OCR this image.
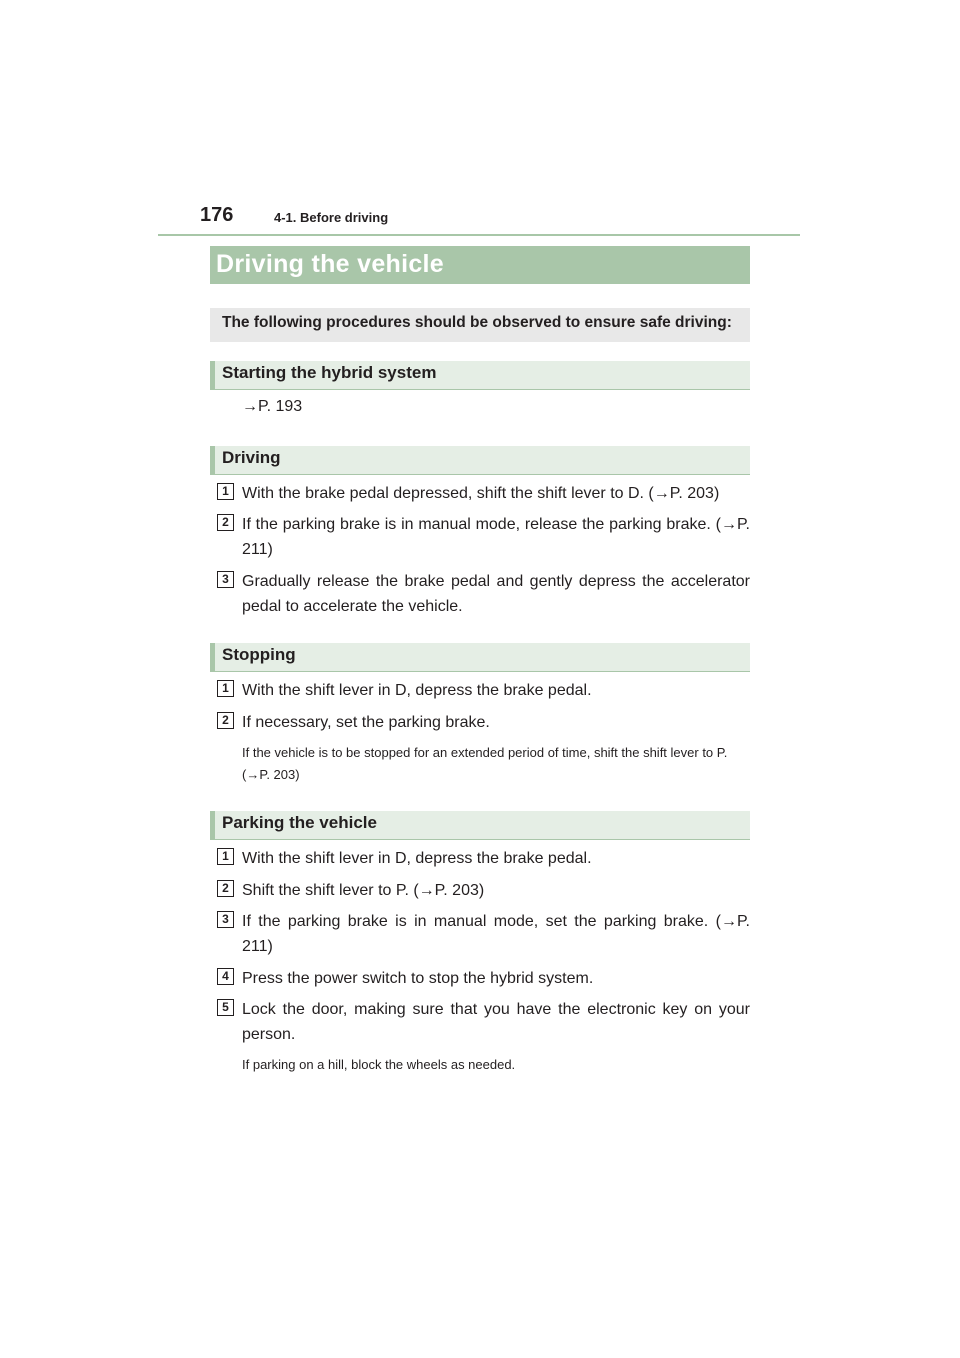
176	4-1. Before driving
Driving the vehicle
The following procedures should be observed to ensure safe driving:
Starting the hybrid system
→P. 193
Driving
1 With the brake pedal depressed, shift the shift lever to D. (→P. 203)
2 If the parking brake is in manual mode, release the parking brake. (→P. 211)
3 Gradually release the brake pedal and gently depress the accelerator pedal to accelerate the vehicle.
Stopping
1 With the shift lever in D, depress the brake pedal.
2 If necessary, set the parking brake.
If the vehicle is to be stopped for an extended period of time, shift the shift lever to P. (→P. 203)
Parking the vehicle
1 With the shift lever in D, depress the brake pedal.
2 Shift the shift lever to P. (→P. 203)
3 If the parking brake is in manual mode, set the parking brake. (→P. 211)
4 Press the power switch to stop the hybrid system.
5 Lock the door, making sure that you have the electronic key on your person.
If parking on a hill, block the wheels as needed.
